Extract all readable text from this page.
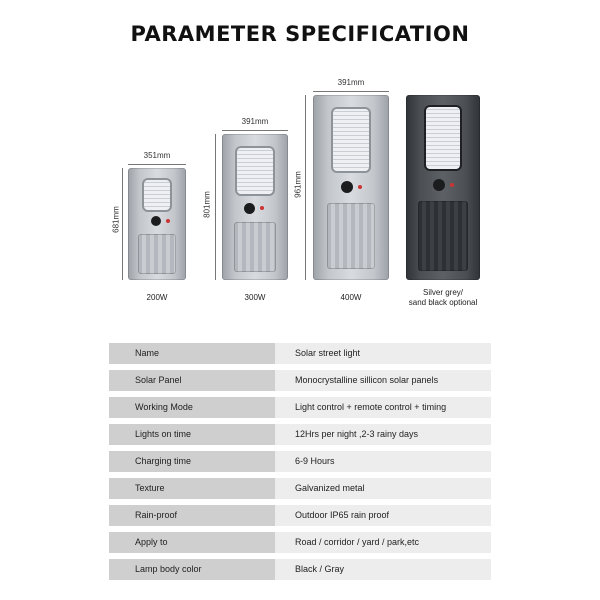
PARAMETER SPECIFICATION
351mm
681mm
200W
391mm
801mm
300W
391mm
961mm
400W
Silver grey/
sand black optional
Name	Solar street light
Solar Panel	Monocrystalline sillicon solar panels
Working Mode	Light control + remote control + timing
Lights on time	12Hrs per night ,2-3 rainy days
Charging time	6-9 Hours
Texture	Galvanized metal
Rain-proof	Outdoor IP65 rain proof
Apply to	Road / corridor / yard / park,etc
Lamp body color	Black / Gray
